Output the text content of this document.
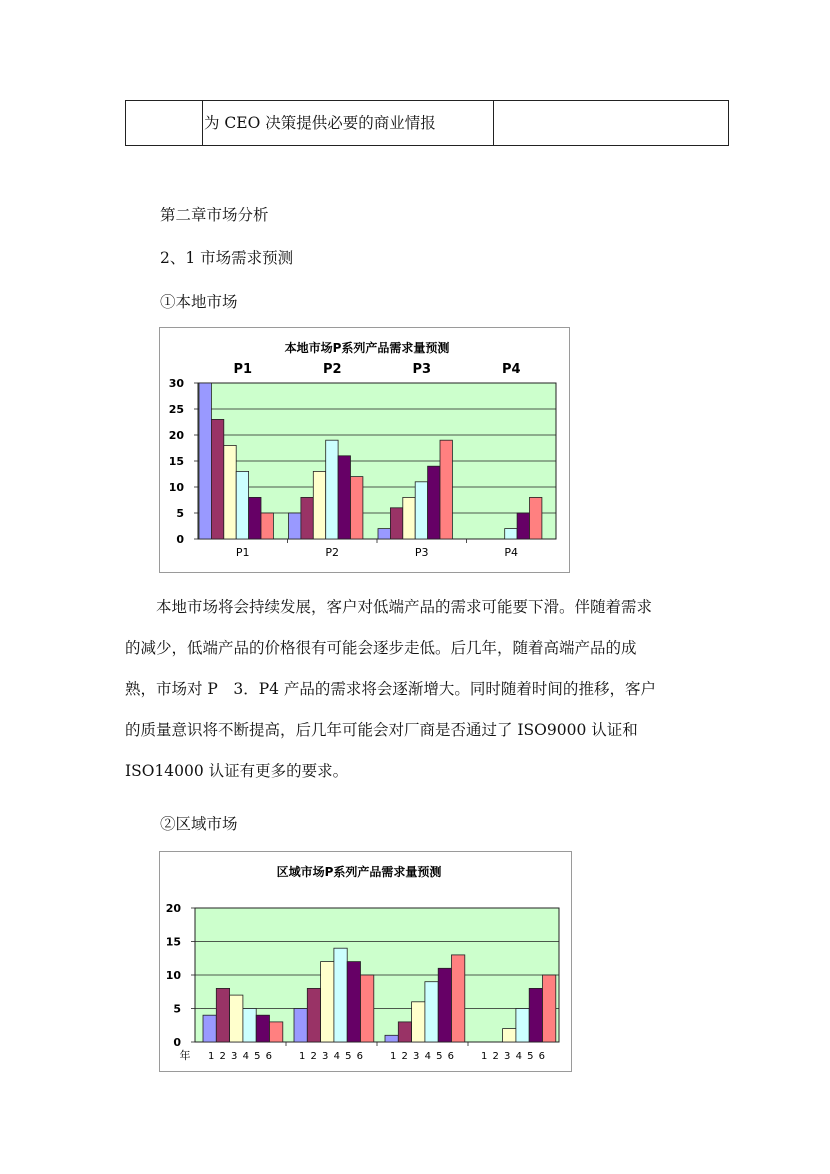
为 CEO 决策提供必要的商业情报
第二章市场分析
2、1 市场需求预测
①本地市场
本地市场P系列产品需求量预测
0
5
10
15
20
25
30
P1
P1
P2
P2
P3
P3
P4
P4
　　本地市场将会持续发展，客户对低端产品的需求可能要下滑。伴随着需求
的减少，低端产品的价格很有可能会逐步走低。后几年，随着高端产品的成
熟，市场对 P　3．P4 产品的需求将会逐渐增大。同时随着时间的推移，客户
的质量意识将不断提高，后几年可能会对厂商是否通过了 ISO9000 认证和
ISO14000 认证有更多的要求。
②区域市场
区域市场P系列产品需求量预测
0
5
10
15
20
1 2 3 4 5 6	1 2 3 4 5 6	1 2 3 4 5 6	1 2 3 4 5 6
年
